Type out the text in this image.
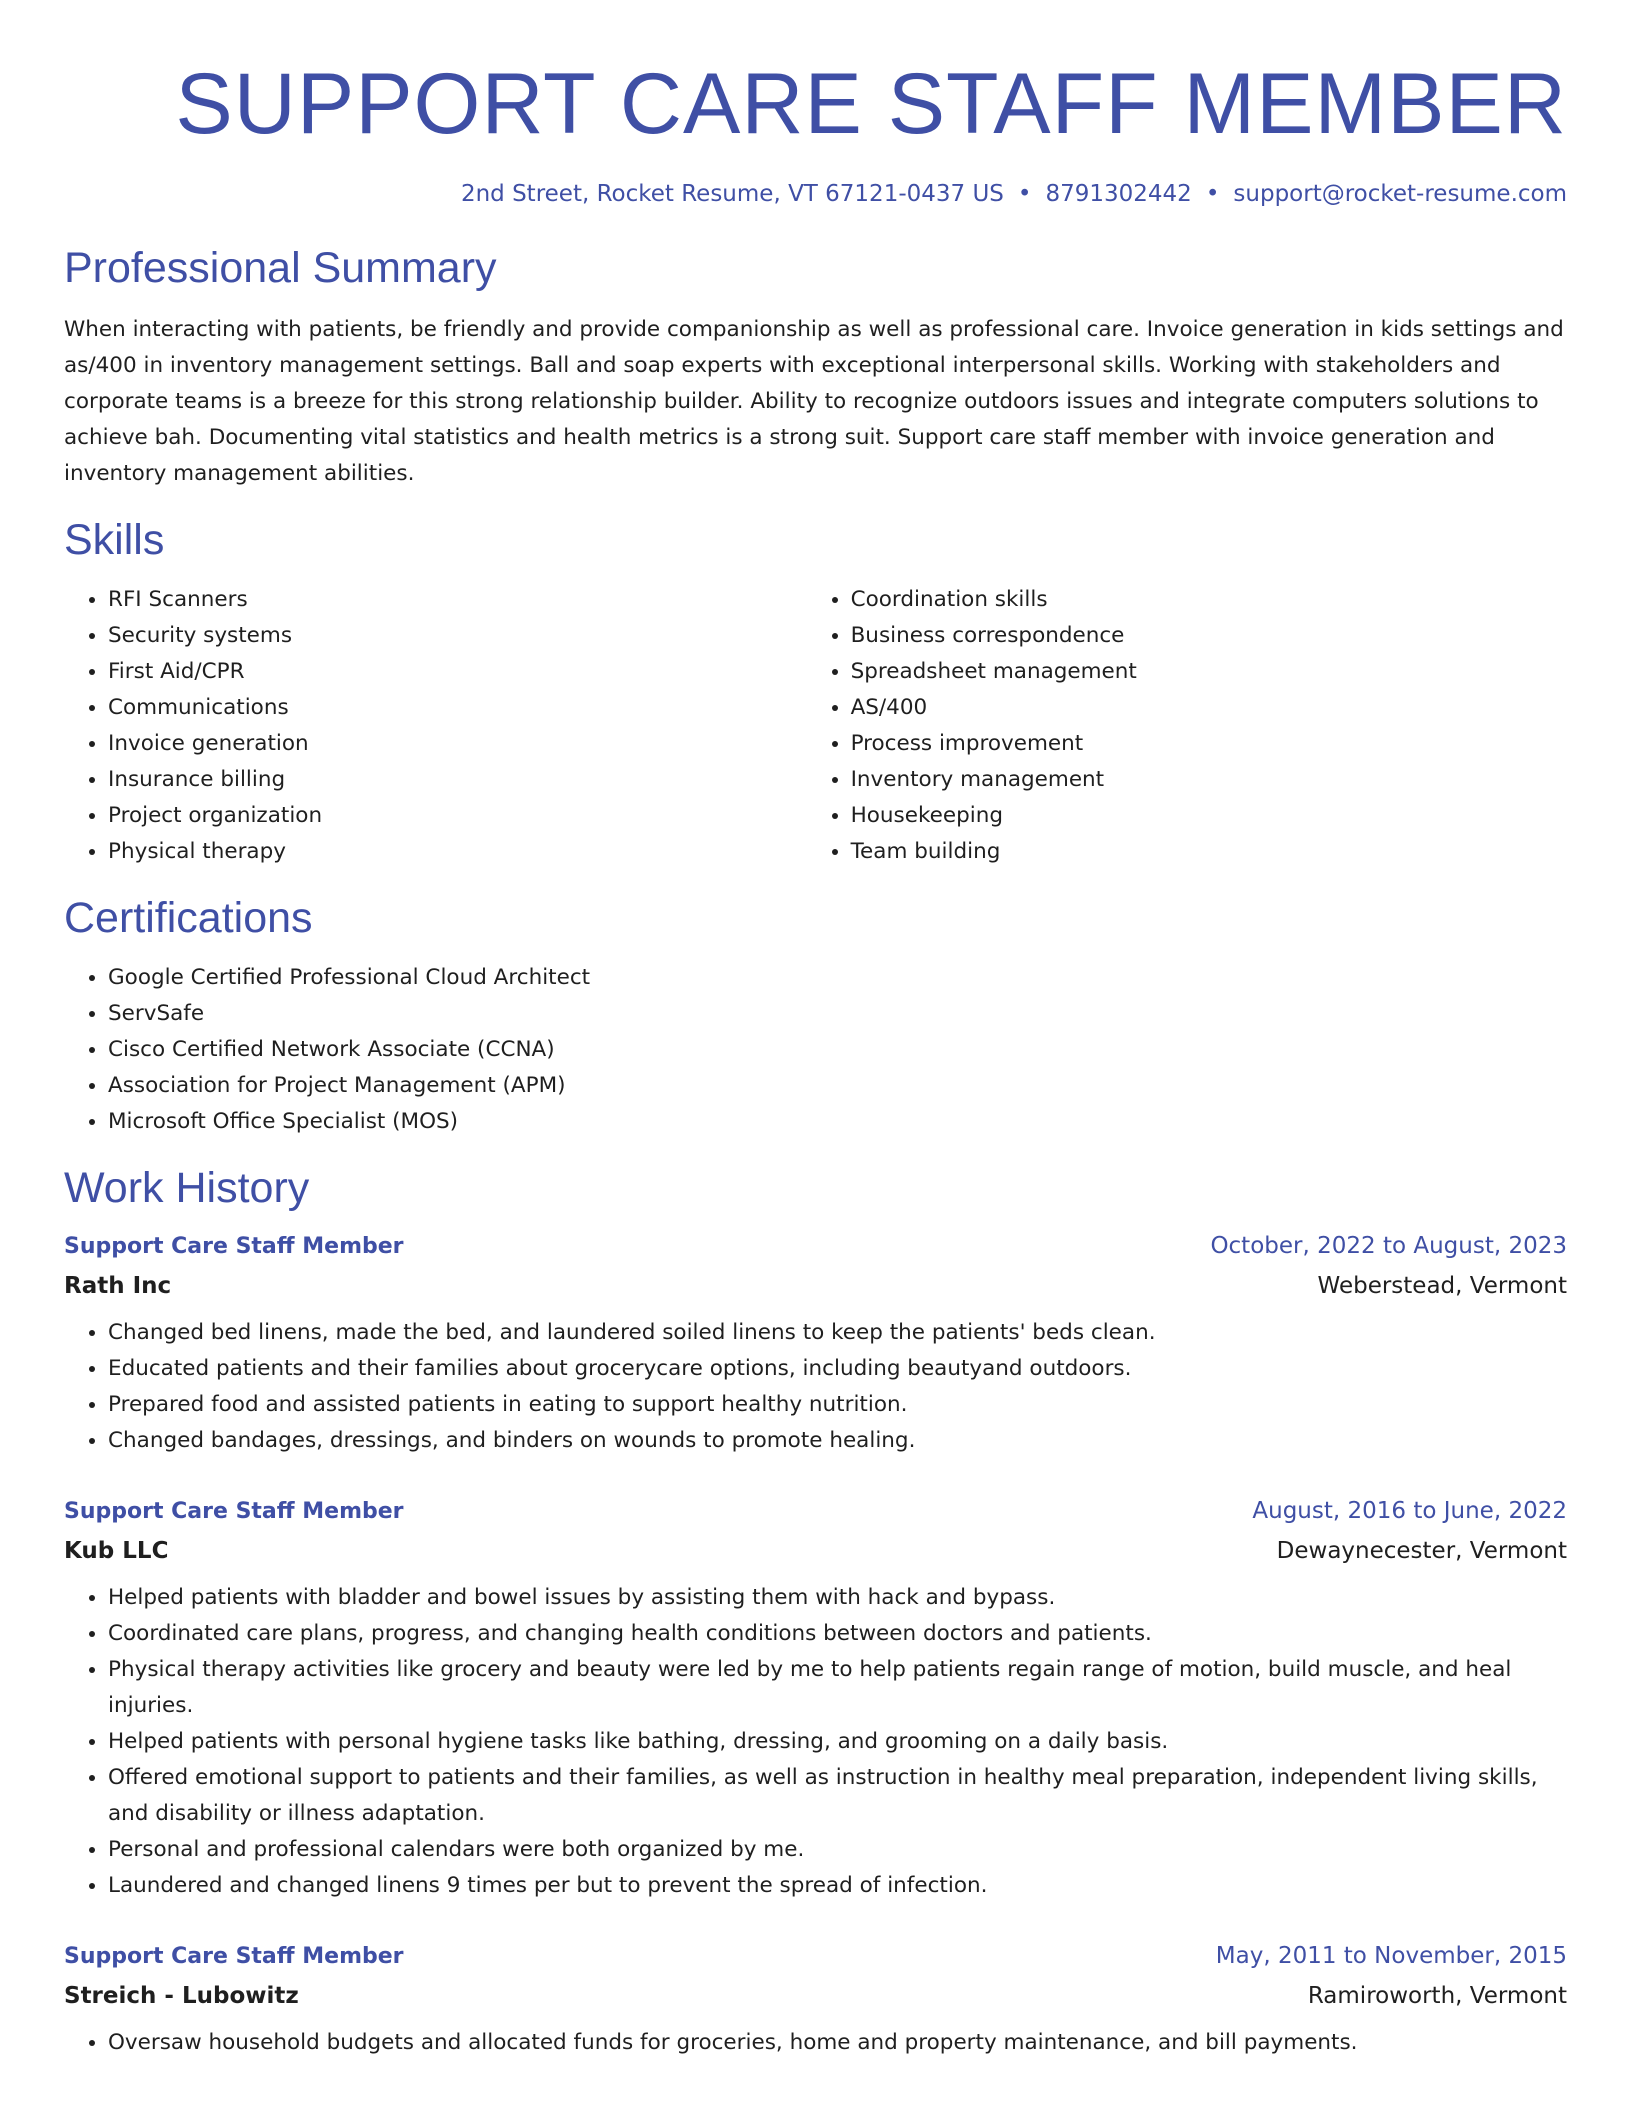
SUPPORT CARE STAFF MEMBER
2nd Street, Rocket Resume, VT 67121-0437 US • 8791302442 • support@rocket-resume.com
Professional Summary
When interacting with patients, be friendly and provide companionship as well as professional care. Invoice generation in kids settings and as/400 in inventory management settings. Ball and soap experts with exceptional interpersonal skills. Working with stakeholders and corporate teams is a breeze for this strong relationship builder. Ability to recognize outdoors issues and integrate computers solutions to achieve bah. Documenting vital statistics and health metrics is a strong suit. Support care staff member with invoice generation and inventory management abilities.
Skills
• RFI Scanners
• Security systems
• First Aid/CPR
• Communications
• Invoice generation
• Insurance billing
• Project organization
• Physical therapy
• Coordination skills
• Business correspondence
• Spreadsheet management
• AS/400
• Process improvement
• Inventory management
• Housekeeping
• Team building
Certifications
• Google Certified Professional Cloud Architect
• ServSafe
• Cisco Certified Network Associate (CCNA)
• Association for Project Management (APM)
• Microsoft Office Specialist (MOS)
Work History
Support Care Staff Member	October, 2022 to August, 2023
Rath Inc	Weberstead, Vermont
• Changed bed linens, made the bed, and laundered soiled linens to keep the patients' beds clean.
• Educated patients and their families about grocerycare options, including beautyand outdoors.
• Prepared food and assisted patients in eating to support healthy nutrition.
• Changed bandages, dressings, and binders on wounds to promote healing.
Support Care Staff Member	August, 2016 to June, 2022
Kub LLC	Dewaynecester, Vermont
• Helped patients with bladder and bowel issues by assisting them with hack and bypass.
• Coordinated care plans, progress, and changing health conditions between doctors and patients.
• Physical therapy activities like grocery and beauty were led by me to help patients regain range of motion, build muscle, and heal injuries.
• Helped patients with personal hygiene tasks like bathing, dressing, and grooming on a daily basis.
• Offered emotional support to patients and their families, as well as instruction in healthy meal preparation, independent living skills, and disability or illness adaptation.
• Personal and professional calendars were both organized by me.
• Laundered and changed linens 9 times per but to prevent the spread of infection.
Support Care Staff Member	May, 2011 to November, 2015
Streich - Lubowitz	Ramiroworth, Vermont
• Oversaw household budgets and allocated funds for groceries, home and property maintenance, and bill payments.
